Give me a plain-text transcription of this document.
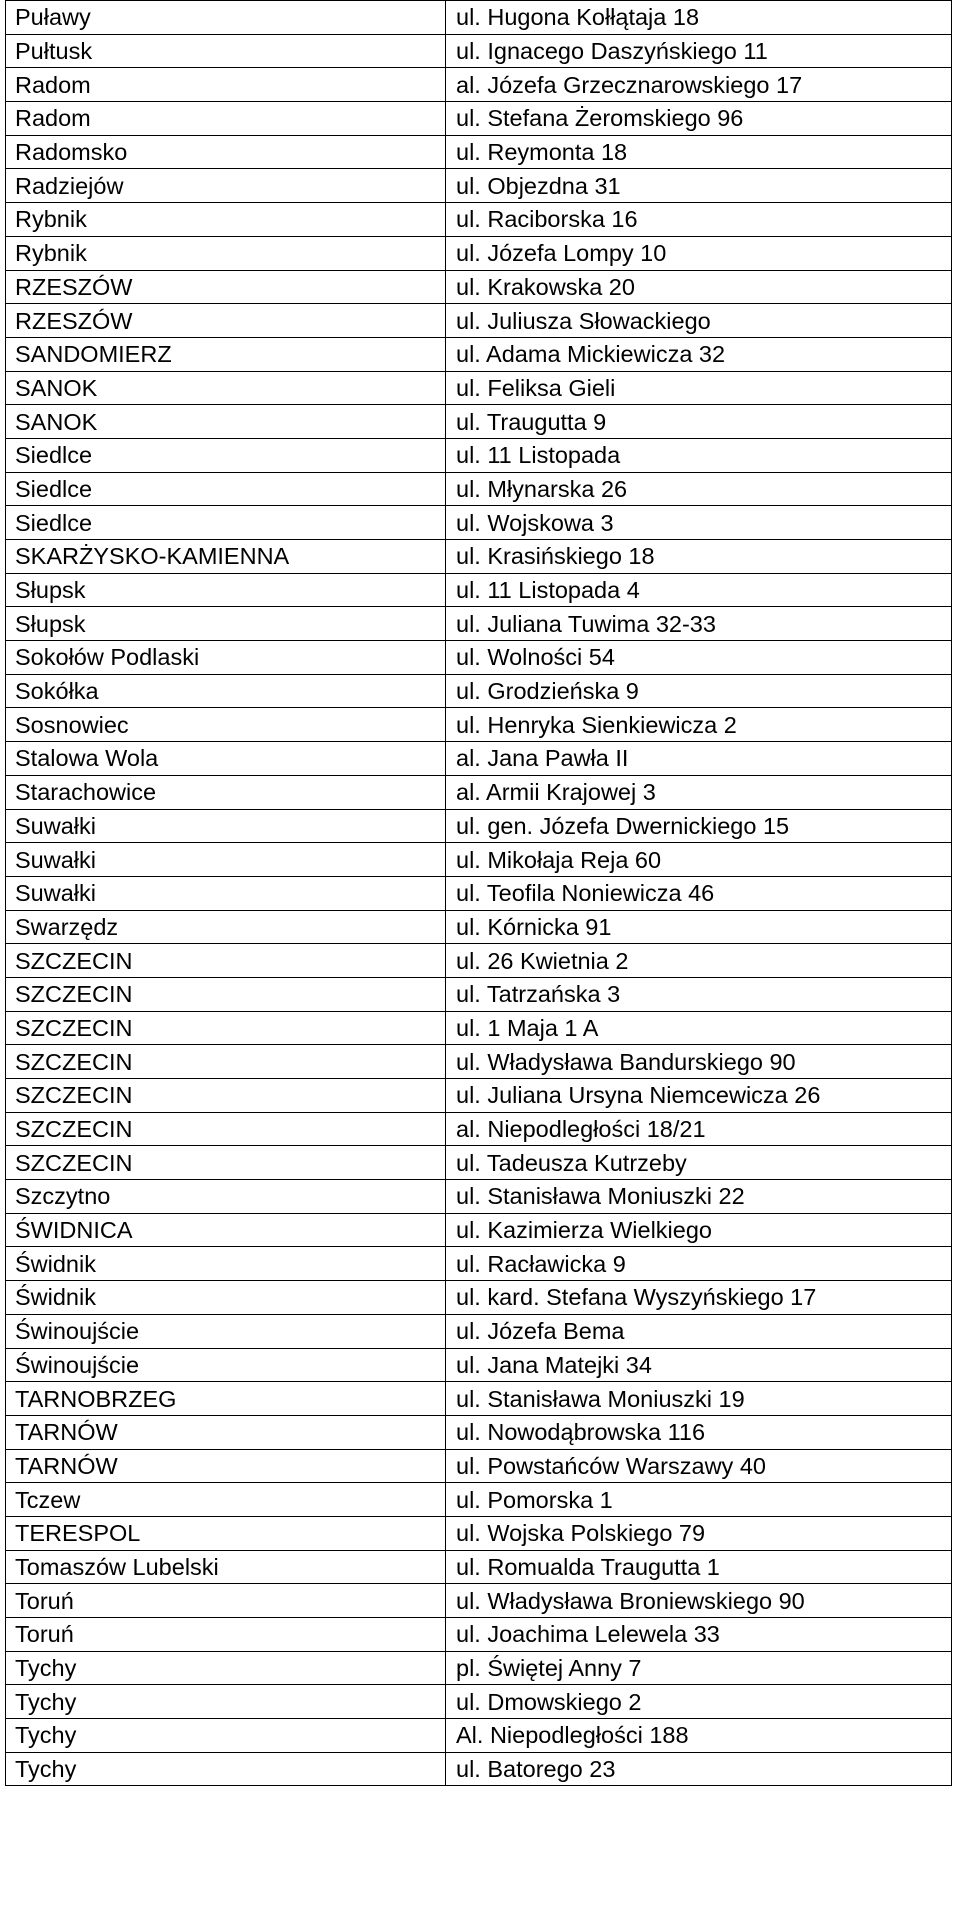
Puławy	ul. Hugona Kołłątaja 18
Pułtusk	ul. Ignacego Daszyńskiego 11
Radom	al. Józefa Grzecznarowskiego 17
Radom	ul. Stefana Żeromskiego 96
Radomsko	ul. Reymonta 18
Radziejów	ul. Objezdna 31
Rybnik	ul. Raciborska 16
Rybnik	ul. Józefa Lompy 10
RZESZÓW	ul. Krakowska 20
RZESZÓW	ul. Juliusza Słowackiego
SANDOMIERZ	ul. Adama Mickiewicza 32
SANOK	ul. Feliksa Gieli
SANOK	ul. Traugutta 9
Siedlce	ul. 11 Listopada
Siedlce	ul. Młynarska 26
Siedlce	ul. Wojskowa 3
SKARŻYSKO-KAMIENNA	ul. Krasińskiego 18
Słupsk	ul. 11 Listopada 4
Słupsk	ul. Juliana Tuwima 32-33
Sokołów Podlaski	ul. Wolności 54
Sokółka	ul. Grodzieńska 9
Sosnowiec	ul. Henryka Sienkiewicza 2
Stalowa Wola	al. Jana Pawła II
Starachowice	al. Armii Krajowej 3
Suwałki	ul. gen. Józefa Dwernickiego 15
Suwałki	ul. Mikołaja Reja 60
Suwałki	ul. Teofila Noniewicza 46
Swarzędz	ul. Kórnicka 91
SZCZECIN	ul. 26 Kwietnia 2
SZCZECIN	ul. Tatrzańska 3
SZCZECIN	ul. 1 Maja 1 A
SZCZECIN	ul. Władysława Bandurskiego 90
SZCZECIN	ul. Juliana Ursyna Niemcewicza 26
SZCZECIN	al. Niepodległości 18/21
SZCZECIN	ul. Tadeusza Kutrzeby
Szczytno	ul. Stanisława Moniuszki 22
ŚWIDNICA	ul. Kazimierza Wielkiego
Świdnik	ul. Racławicka 9
Świdnik	ul. kard. Stefana Wyszyńskiego 17
Świnoujście	ul. Józefa Bema
Świnoujście	ul. Jana Matejki 34
TARNOBRZEG	ul. Stanisława Moniuszki 19
TARNÓW	ul. Nowodąbrowska 116
TARNÓW	ul. Powstańców Warszawy 40
Tczew	ul. Pomorska 1
TERESPOL	ul. Wojska Polskiego 79
Tomaszów Lubelski	ul. Romualda Traugutta 1
Toruń	ul. Władysława Broniewskiego 90
Toruń	ul. Joachima Lelewela 33
Tychy	pl. Świętej Anny 7
Tychy	ul. Dmowskiego 2
Tychy	Al. Niepodległości 188
Tychy	ul. Batorego 23
